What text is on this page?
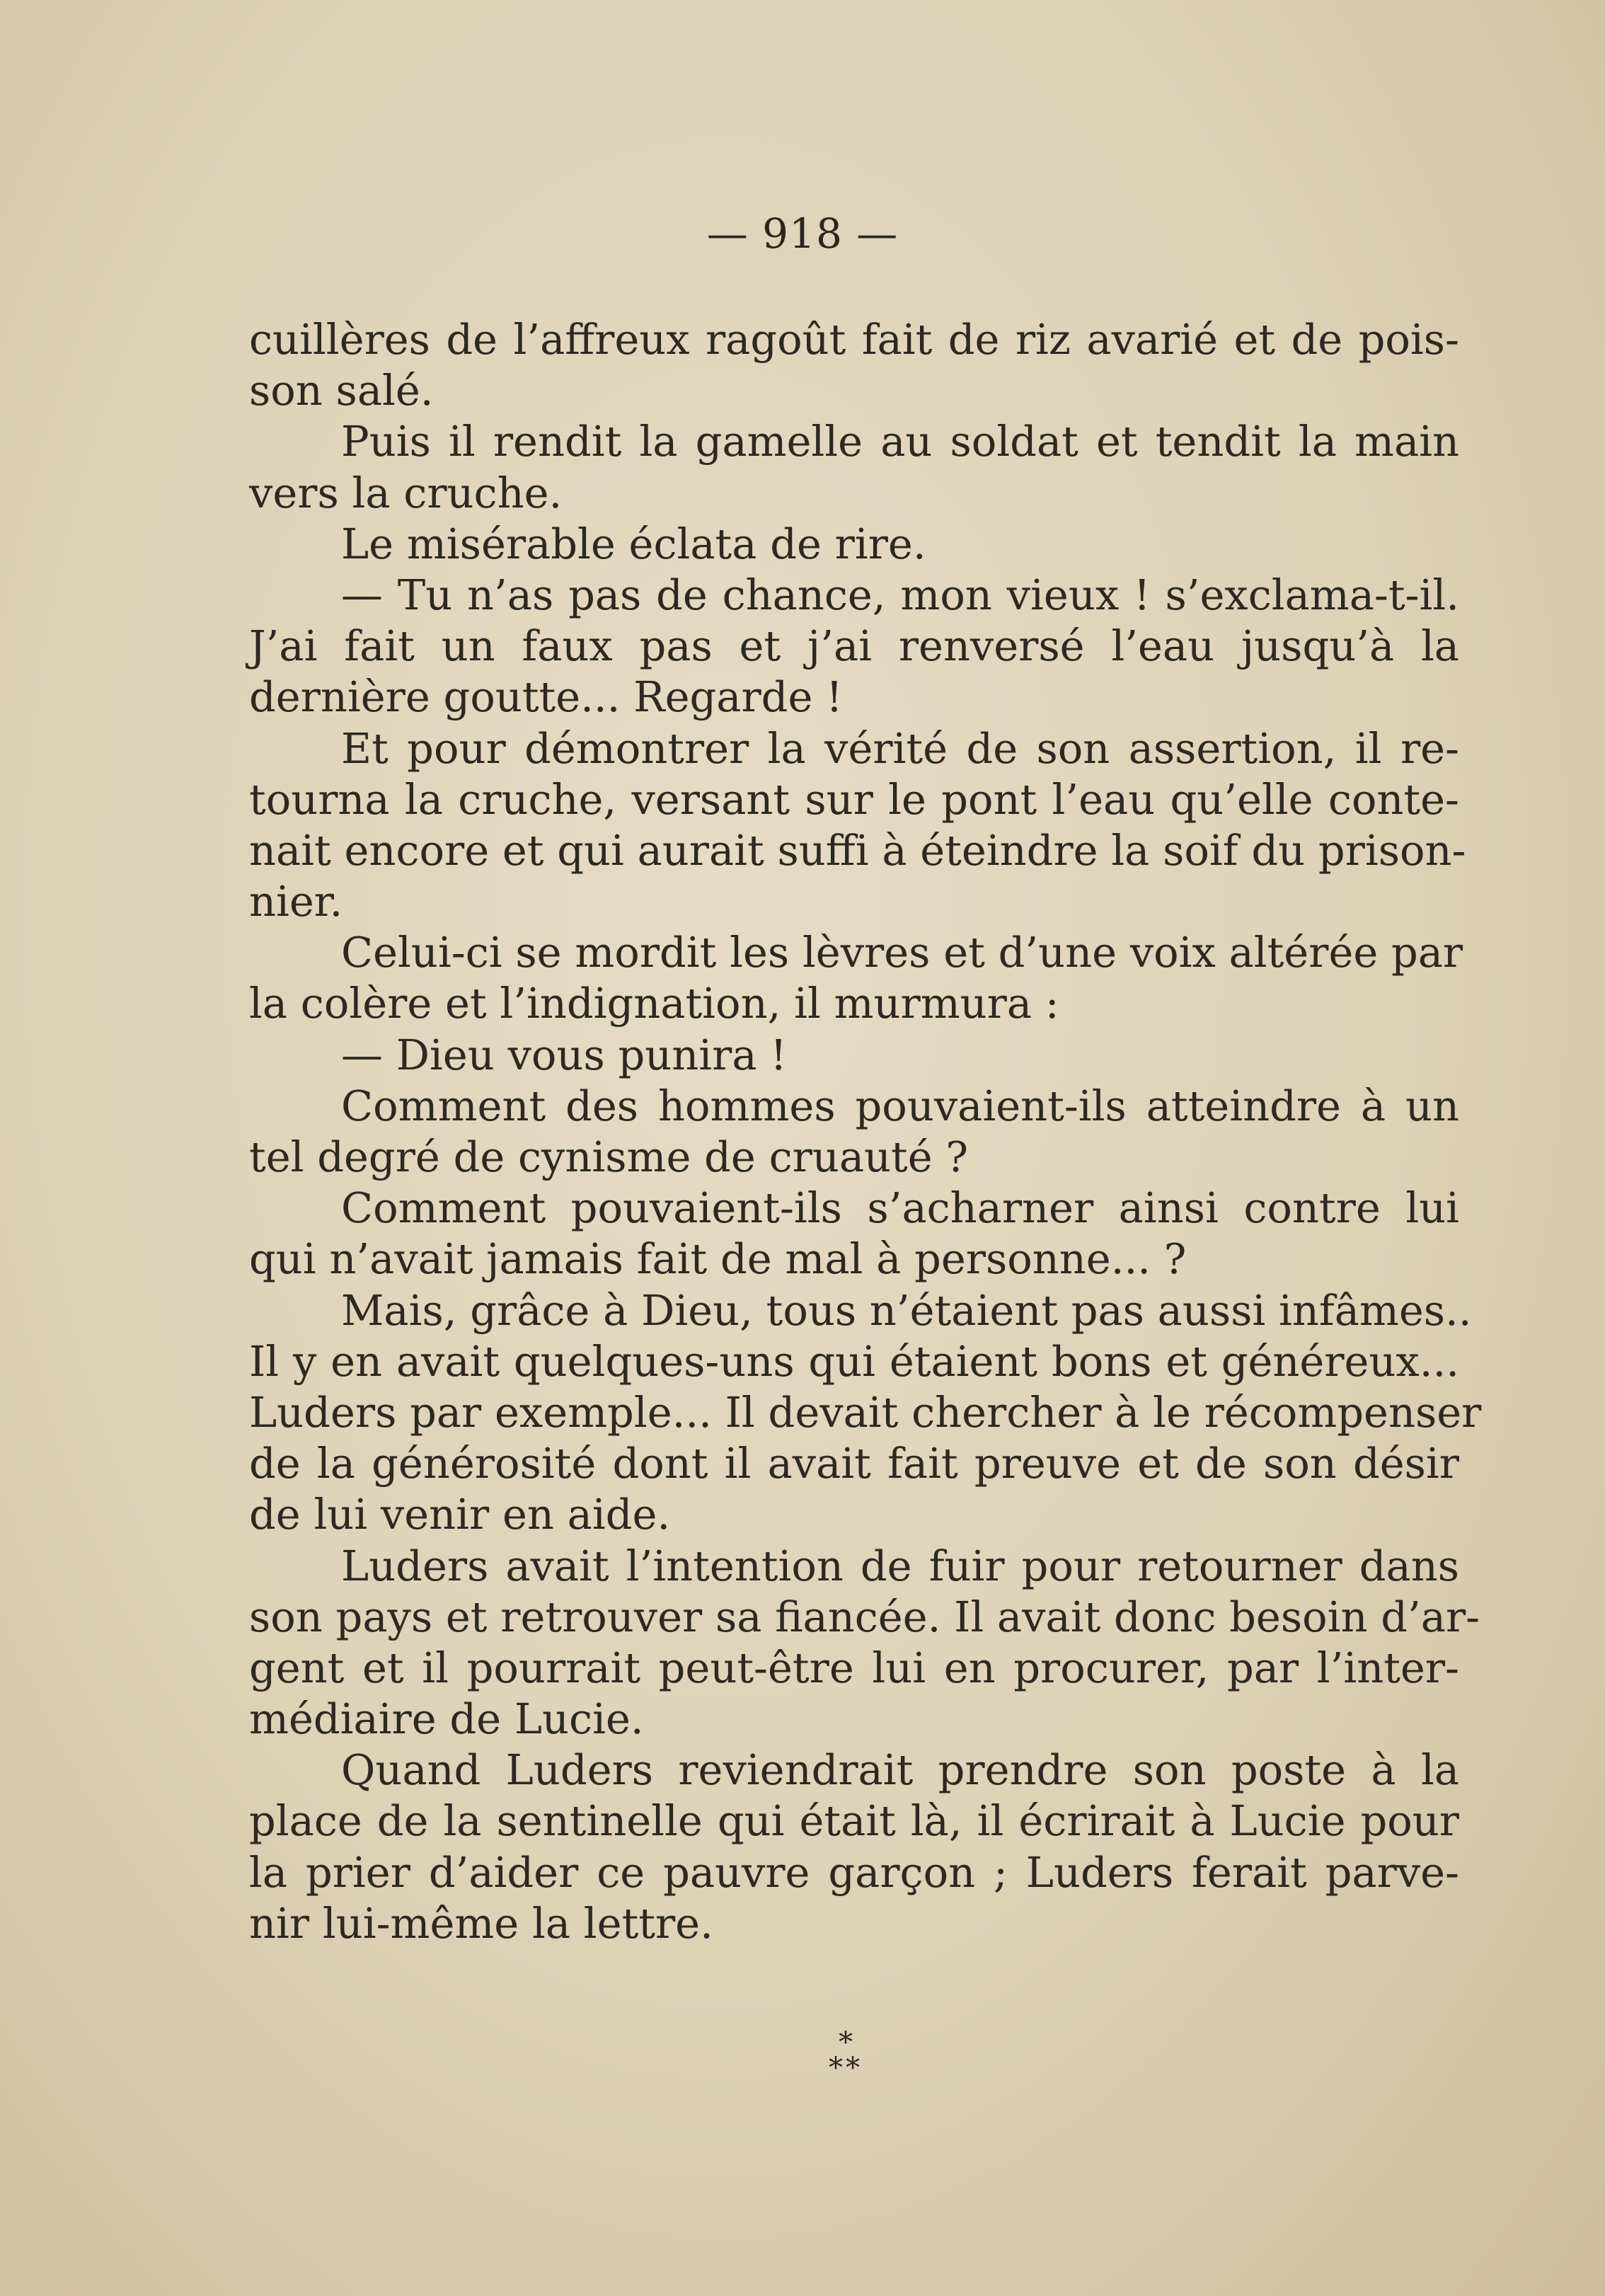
— 918 —
cuillères de l’affreux ragoût fait de riz avarié et de pois-
son salé.
Puis il rendit la gamelle au soldat et tendit la main
vers la cruche.
Le misérable éclata de rire.
— Tu n’as pas de chance, mon vieux ! s’exclama-t-il.
J’ai fait un faux pas et j’ai renversé l’eau jusqu’à la
dernière goutte... Regarde !
Et pour démontrer la vérité de son assertion, il re-
tourna la cruche, versant sur le pont l’eau qu’elle conte-
nait encore et qui aurait suffi à éteindre la soif du prison-
nier.
Celui-ci se mordit les lèvres et d’une voix altérée par
la colère et l’indignation, il murmura :
— Dieu vous punira !
Comment des hommes pouvaient-ils atteindre à un
tel degré de cynisme de cruauté ?
Comment pouvaient-ils s’acharner ainsi contre lui
qui n’avait jamais fait de mal à personne... ?
Mais, grâce à Dieu, tous n’étaient pas aussi infâmes..
Il y en avait quelques-uns qui étaient bons et généreux...
Luders par exemple... Il devait chercher à le récompenser
de la générosité dont il avait fait preuve et de son désir
de lui venir en aide.
Luders avait l’intention de fuir pour retourner dans
son pays et retrouver sa fiancée. Il avait donc besoin d’ar-
gent et il pourrait peut-être lui en procurer, par l’inter-
médiaire de Lucie.
Quand Luders reviendrait prendre son poste à la
place de la sentinelle qui était là, il écrirait à Lucie pour
la prier d’aider ce pauvre garçon ; Luders ferait parve-
nir lui-même la lettre.
*
**
